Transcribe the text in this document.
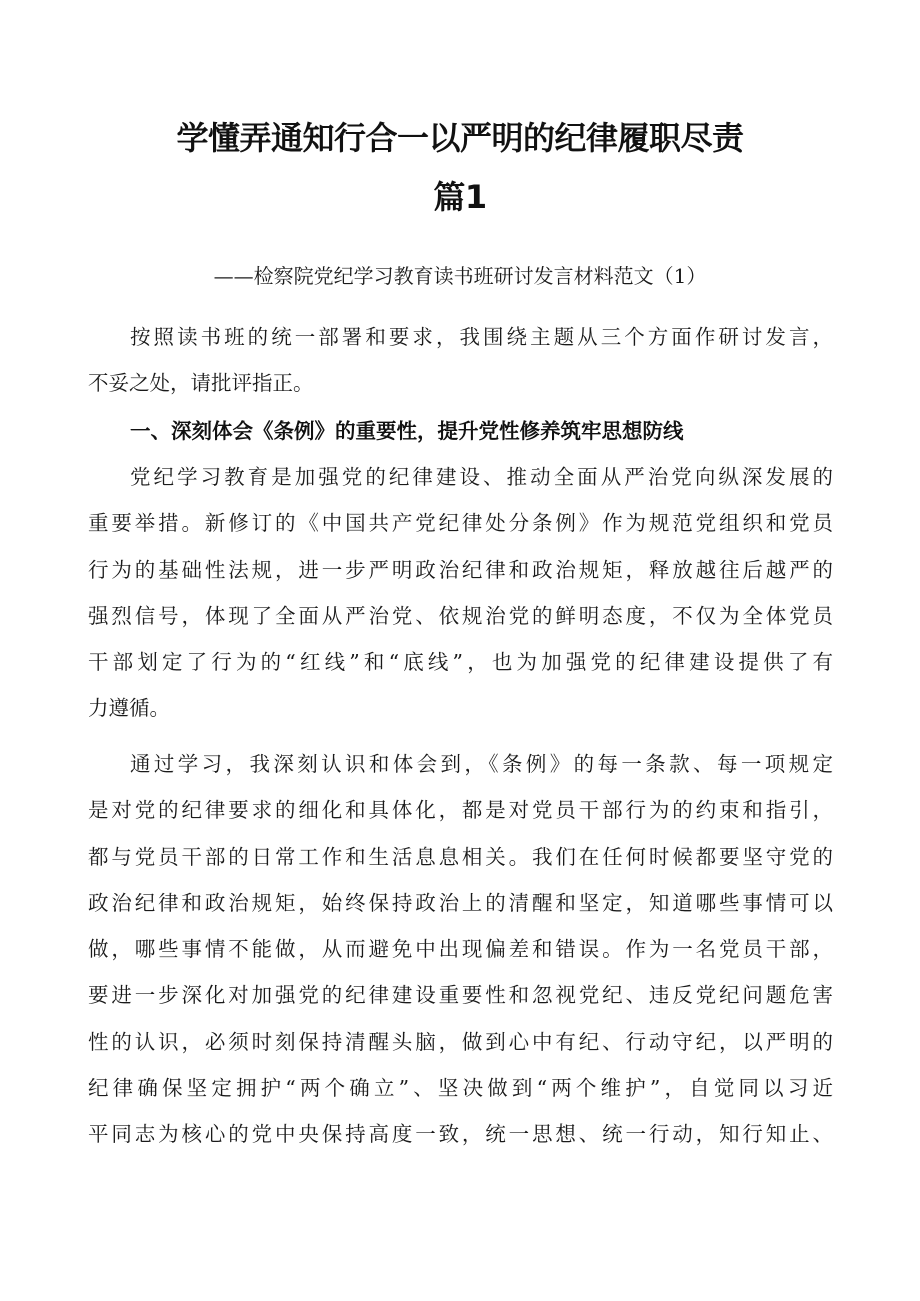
学懂弄通知行合一以严明的纪律履职尽责
篇1
——检察院党纪学习教育读书班研讨发言材料范文（1）
按照读书班的统一部署和要求，我围绕主题从三个方面作研讨发言，
不妥之处，请批评指正。
一、深刻体会《条例》的重要性，提升党性修养筑牢思想防线
党纪学习教育是加强党的纪律建设、推动全面从严治党向纵深发展的
重要举措。新修订的《中国共产党纪律处分条例》作为规范党组织和党员
行为的基础性法规，进一步严明政治纪律和政治规矩，释放越往后越严的
强烈信号，体现了全面从严治党、依规治党的鲜明态度，不仅为全体党员
干部划定了行为的“红线”和“底线”，也为加强党的纪律建设提供了有
力遵循。
通过学习，我深刻认识和体会到，《条例》的每一条款、每一项规定
是对党的纪律要求的细化和具体化，都是对党员干部行为的约束和指引，
都与党员干部的日常工作和生活息息相关。我们在任何时候都要坚守党的
政治纪律和政治规矩，始终保持政治上的清醒和坚定，知道哪些事情可以
做，哪些事情不能做，从而避免中出现偏差和错误。作为一名党员干部，
要进一步深化对加强党的纪律建设重要性和忽视党纪、违反党纪问题危害
性的认识，必须时刻保持清醒头脑，做到心中有纪、行动守纪，以严明的
纪律确保坚定拥护“两个确立”、坚决做到“两个维护”，自觉同以习近
平同志为核心的党中央保持高度一致，统一思想、统一行动，知行知止、
